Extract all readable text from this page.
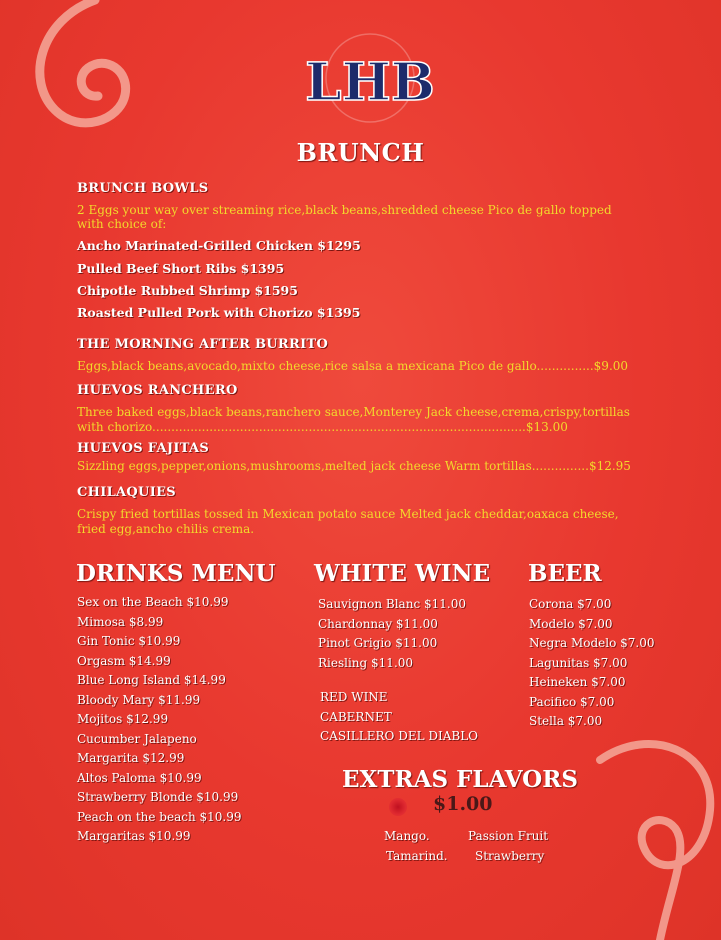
LHB
BRUNCH
BRUNCH BOWLS
2 Eggs your way over streaming rice,black beans,shredded cheese Pico de gallo topped
with choice of:
Ancho Marinated-Grilled Chicken $1295
Pulled Beef Short Ribs $1395
Chipotle Rubbed Shrimp $1595
Roasted Pulled Pork with Chorizo $1395
THE MORNING AFTER BURRITO
Eggs,black beans,avocado,mixto cheese,rice salsa a mexicana Pico de gallo...............$9.00
HUEVOS RANCHERO
Three baked eggs,black beans,ranchero sauce,Monterey Jack cheese,crema,crispy,tortillas
with chorizo..................................................................................................$13.00
HUEVOS FAJITAS
Sizzling eggs,pepper,onions,mushrooms,melted jack cheese Warm tortillas...............$12.95
CHILAQUIES
Crispy fried tortillas tossed in Mexican potato sauce Melted jack cheddar,oaxaca cheese,
fried egg,ancho chilis crema.
DRINKS MENU
Sex on the Beach $10.99
Mimosa $8.99
Gin Tonic $10.99
Orgasm $14.99
Blue Long Island $14.99
Bloody Mary $11.99
Mojitos $12.99
Cucumber Jalapeno
Margarita $12.99
Altos Paloma $10.99
Strawberry Blonde $10.99
Peach on the beach $10.99
Margaritas $10.99
WHITE WINE
Sauvignon Blanc $11.00
Chardonnay $11.00
Pinot Grigio $11.00
Riesling $11.00
RED WINE
CABERNET
CASILLERO DEL DIABLO
BEER
Corona $7.00
Modelo $7.00
Negra Modelo $7.00
Lagunitas $7.00
Heineken $7.00
Pacifico $7.00
Stella $7.00
EXTRAS FLAVORS
$1.00
Mango.	Passion Fruit
Tamarind. Strawberry
